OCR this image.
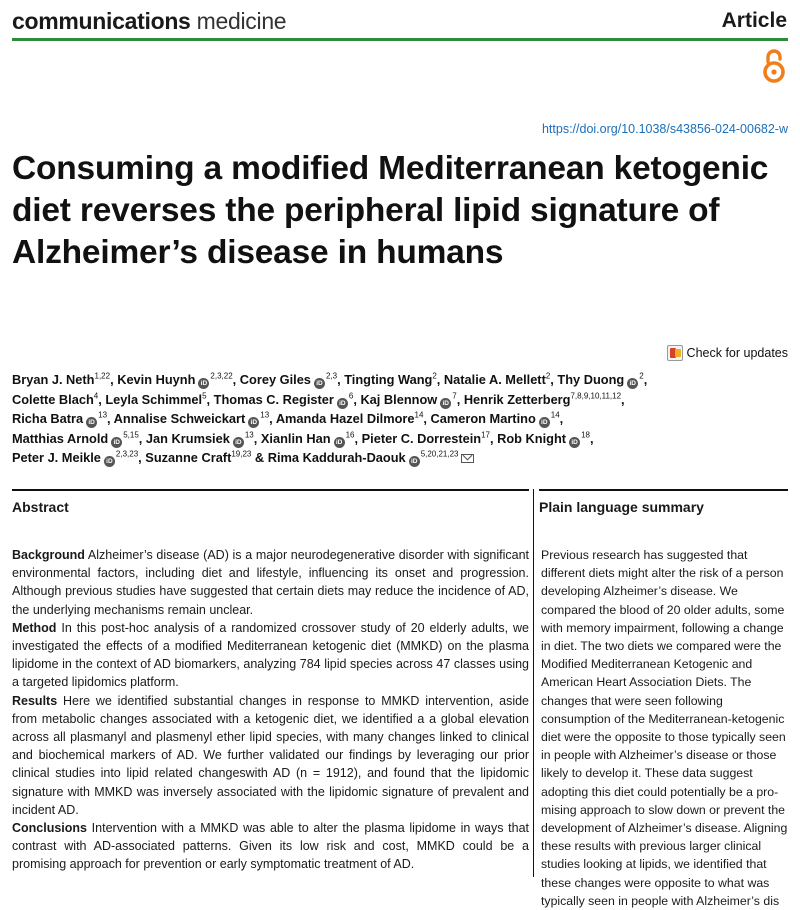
communications medicine	Article
https://doi.org/10.1038/s43856-024-00682-w
Consuming a modified Mediterranean ketogenic diet reverses the peripheral lipid signature of Alzheimer’s disease in humans
Check for updates
Bryan J. Neth$^{1,22}$, Kevin Huynh iD$^{2,3,22}$, Corey Giles iD$^{2,3}$, Tingting Wang$^2$, Natalie A. Mellett$^2$, Thy Duong $iD^2$,
Colette Blach$^4$, Leyla Schimmel$^5$, Thomas C. Register $iD^6$, Kaj Blennow $iD^7$, Henrik Zetterberg$^{7,8,9,10,11,12}$,
Richa Batra $iD^{13}$, Annalise Schweickart $iD^{13}$, Amanda Hazel Dilmore$^{14}$, Cameron Martino $iD^{14}$,
Matthias Arnold iD$^{5,15}$, Jan Krumsiek $iD^{13}$, Xianlin Han $iD^{16}$, Pieter C. Dorrestein$^{17}$, Rob Knight $iD^{18}$,
Peter J. Meikle iD$^{2,3,23}$, Suzanne Craft$^{19,23}$ & Rima Kaddurah-Daouk iD$^{5,20,21,23}$
Abstract	Plain language summary
Background Alzheimer’s disease (AD) is a major neurodegenerative disorder with significant environmental factors, including diet and lifestyle, influencing its onset and progression. Although previous studies have suggested that certain diets may reduce the incidence of AD, the underlying mechanisms remain unclear.
Method In this post-hoc analysis of a randomized crossover study of 20 elderly adults, we investigated the effects of a modified Mediterranean ketogenic diet (MMKD) on the plasma lipidome in the context of AD biomarkers, analyzing 784 lipid species across 47 classes using a targeted lipidomics platform.
Results Here we identified substantial changes in response to MMKD intervention, aside from metabolic changes associated with a ketogenic diet, we identified a a global elevation across all plasmanyl and plasmenyl ether lipid species, with many changes linked to clinical and biochemical markers of AD. We further validated our findings by leveraging our prior clinical studies into lipid related changeswith AD (n = 1912), and found that the lipidomic signature with MMKD was inversely associated with the lipidomic signature of prevalent and incident AD.
Conclusions Intervention with a MMKD was able to alter the plasma lipidome in ways that contrast with AD-associated patterns. Given its low risk and cost, MMKD could be a promising approach for prevention or early symptomatic treatment of AD.
Previous research has suggested that different diets might alter the risk of a person developing Alzheimer’s disease. We compared the blood of 20 older adults, some with memory impairment, following a change in diet. The two diets we compared were the Modified Mediterranean Ketogenic and American Heart Association Diets. The changes that were seen following consumption of the Mediterranean-ketogenic diet were the opposite to those typically seen in people with Alzheimer’s disease or those likely to develop it. These data suggest adopting this diet could potentially be a pro-mising approach to slow down or prevent the development of Alzheimer’s disease. Aligning these results with previous larger clinical studies looking at lipids, we identified that these changes were opposite to what was typically seen in people with Alzheimer’s dis
